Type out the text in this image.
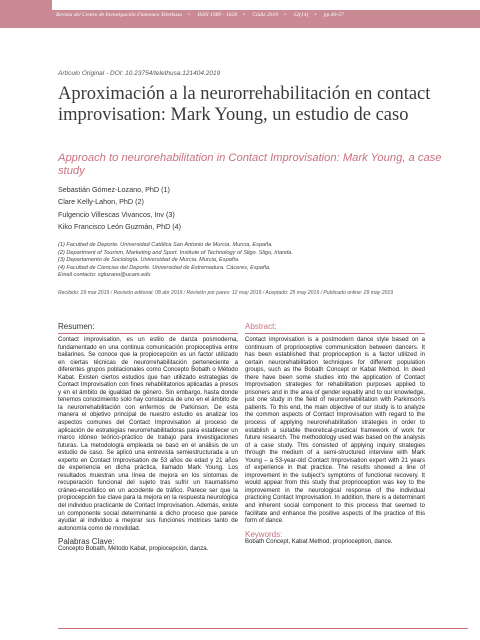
Revista del Centro de Investigación Flamenco Telethusa • ISSN 1989 - 1628 • Cádiz 2019 • 12(14) • pp.40-57
Artículo Original - DOI: 10.23754/telethusa.121404.2019
Aproximación a la neurorrehabilitación en contact improvisation: Mark Young, un estudio de caso
Approach to neurorehabilitation in Contact Improvisation: Mark Young, a case study
Sebastián Gómez-Lozano, PhD (1)
Clare Kelly-Lahon, PhD (2)
Fulgencio Villescas Vivancos, Inv (3)
Kiko Francisco León Guzmán, PhD (4)
(1) Facultad de Deporte. Universidad Católica San Antonio de Murcia. Murcia, España.
(2) Department of Tourism, Marketing and Sport. Institute of Technology of Sligo. Sligo, Irlanda.
(3) Departamento de Sociología. Universidad de Murcia. Murcia, España.
(4) Facultad de Ciencias del Deporte. Universidad de Extremadura. Cáceres, España.
Email contacto: sglozano@ucam.edu
Recibido: 29 mar 2019 / Revisión editorial: 08 abr 2019 / Revisión por pares: 12 may 2019 / Aceptado: 25 may 2019 / Publicado online: 29 may 2019
Resumen:
Contact improvisation, es un estilo de danza posmoderna, fundamentado en una continua comunicación propioceptiva entre bailarines. Se conoce que la propiocepción es un factor utilizado en ciertas técnicas de neurorrehabilitación perteneciente a diferentes grupos poblacionales como Concepto Bobath o Método Kabat. Existen ciertos estudios que han utilizado estrategias de Contact Improvisation con fines rehabilitatorios aplicadas a presos y en el ámbito de igualdad de género. Sin embargo, hasta donde tenemos conocimiento solo hay constancia de uno en el ámbito de la neurorrehabilitación con enfermos de Parkinson. De esta manera el objetivo principal de nuestro estudio es analizar los aspectos comunes del Contact Improvisation al proceso de aplicación de estrategias neurorrehabilitadoras para establecer un marco idóneo teórico-práctico de trabajo para investigaciones futuras. La metodología empleada se basó en el análisis de un estudio de caso. Se aplicó una entrevista semiestructurada a un experto en Contact Improvisation de 53 años de edad y 21 años de experiencia en dicha práctica, llamado Mark Young. Los resultados muestran una línea de mejora en los síntomas de recuperación funcional del sujeto tras sufrir un traumatismo cráneo-encefálico en un accidente de tráfico. Parece ser que la propiocepción fue clave para la mejora en la respuesta neurológica del individuo practicante de Contact Improvisation. Además, existe un componente social determinante a dicho proceso que parece ayudar al individuo a mejorar sus funciones motrices tanto de autonomía como de movilidad.
Palabras Clave:
Concepto Bobath, Método Kabat, propiocepción, danza.
Abstract:
Contact improvisation is a postmodern dance style based on a continuum of proprioceptive communication between dancers. It has been established that proprioception is a factor utilized in certain neurorehabilitation techniques for different population groups, such as the Bobath Concept or Kabat Method. In deed there have been some studies into the application of Contact Improvisation strategies for rehabilitation purposes applied to prisoners and in the area of gender equality and to our knowledge, just one study in the field of neurorehabilitation with Parkinson's patients. To this end, the main objective of our study is to analyze the common aspects of Contact Improvisation with regard to the process of applying neurorehabilitation strategies in order to establish a suitable theoretical-practical framework of work for future research. The methodology used was based on the analysis of a case study. This consisted of applying inquiry strategies through the medium of a semi-structured interview with Mark Young – a 53-year-old Contact Improvisation expert with 21 years of experience in that practice. The results showed a line of improvement in the subject's symptoms of functional recovery. It would appear from this study that proprioception was key to the improvement in the neurological response of the individual practicing Contact Improvisation. In addition, there is a determinant and inherent social component to this process that seemed to facilitate and enhance the positive aspects of the practice of this form of dance.
Keywords:
Bobath Concept, Kabat Method, proprioception, dance.
